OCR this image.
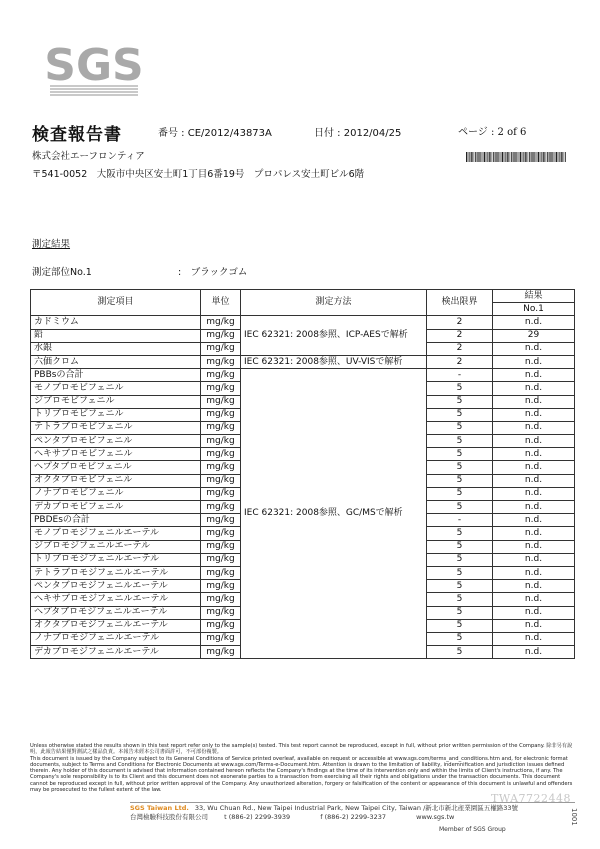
SGS
検査報告書	番号 : CE/2012/43873A	日付 : 2012/04/25	ページ : 2 of 6
株式会社エーフロンティア
〒541-0052　大阪市中央区安土町1丁目6番19号　プロパレス安土町ビル6階
測定結果
測定部位No.1	:　ブラックゴム
測定項目	単位	測定方法	検出限界	結果
				No.1
カドミウム	mg/kg	IEC 62321: 2008参照、ICP-AESで解析	2	n.d.
鉛	mg/kg		2	29
水銀	mg/kg		2	n.d.
六価クロム	mg/kg	IEC 62321: 2008参照、UV-VISで解析	2	n.d.
PBBsの合計	mg/kg	IEC 62321: 2008参照、GC/MSで解析	-	n.d.
モノブロモビフェニル	mg/kg		5	n.d.
ジブロモビフェニル	mg/kg		5	n.d.
トリブロモビフェニル	mg/kg		5	n.d.
テトラブロモビフェニル	mg/kg		5	n.d.
ペンタブロモビフェニル	mg/kg		5	n.d.
ヘキサブロモビフェニル	mg/kg		5	n.d.
ヘプタブロモビフェニル	mg/kg		5	n.d.
オクタブロモビフェニル	mg/kg		5	n.d.
ノナブロモビフェニル	mg/kg		5	n.d.
デカブロモビフェニル	mg/kg		5	n.d.
PBDEsの合計	mg/kg		-	n.d.
モノブロモジフェニルエーテル	mg/kg		5	n.d.
ジブロモジフェニルエーテル	mg/kg		5	n.d.
トリブロモジフェニルエーテル	mg/kg		5	n.d.
テトラブロモジフェニルエーテル	mg/kg		5	n.d.
ペンタブロモジフェニルエーテル	mg/kg		5	n.d.
ヘキサブロモジフェニルエーテル	mg/kg		5	n.d.
ヘプタブロモジフェニルエーテル	mg/kg		5	n.d.
オクタブロモジフェニルエーテル	mg/kg		5	n.d.
ノナブロモジフェニルエーテル	mg/kg		5	n.d.
デカブロモジフェニルエーテル	mg/kg		5	n.d.

Unless otherwise stated the results shown in this test report refer only to the sample(s) tested. This test report cannot be reproduced, except in full, without prior written permission of the Company. 除非另有說明，此報告結果僅對測試之樣品負責。本報告未經本公司書面許可，不可部份複製。

This document is issued by the Company subject to its General Conditions of Service printed overleaf, available on request or accessible at www.sgs.com/terms_and_conditions.htm and, for electronic format documents, subject to Terms and Conditions for Electronic Documents at www.sgs.com/Terms-e-Document.htm. Attention is drawn to the limitation of liability, indemnification and jurisdiction issues defined therein. Any holder of this document is advised that information contained hereon reflects the Company's findings at the time of its intervention only and within the limits of Client's instructions, if any. The Company's sole responsibility is to its Client and this document does not exonerate parties to a transaction from exercising all their rights and obligations under the transaction documents. This document cannot be reproduced except in full, without prior written approval of the Company. Any unauthorized alteration, forgery or falsification of the content or appearance of this document is unlawful and offenders may be prosecuted to the fullest extent of the law.

TWA7722448
1001
SGS Taiwan Ltd. 33, Wu Chuan Rd., New Taipei Industrial Park, New Taipei City, Taiwan /新北市新北產業園區五權路33號
台灣檢驗科技股份有限公司 t (886-2) 2299-3939	f (886-2) 2299-3237	www.sgs.tw
Member of SGS Group
